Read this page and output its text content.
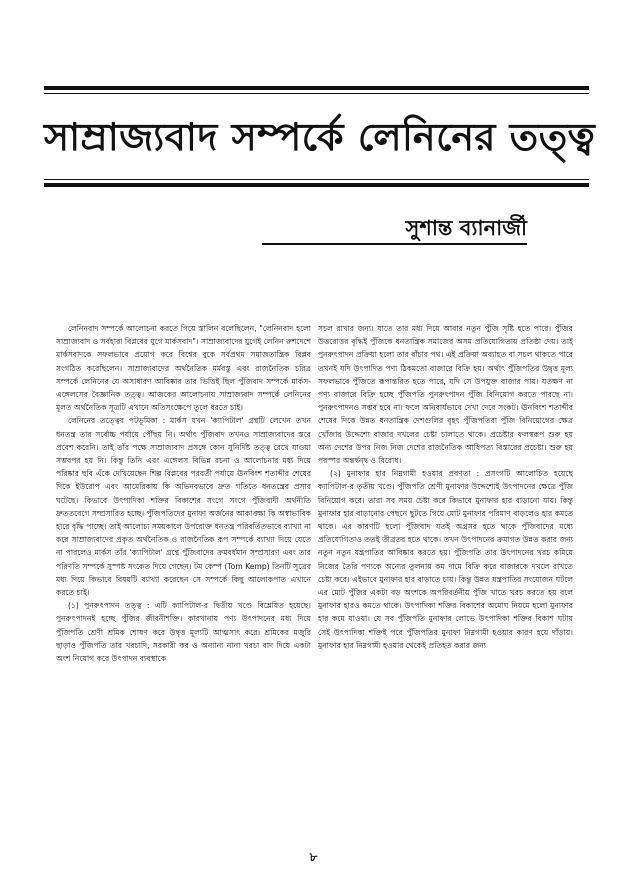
সাম্রাজ্যবাদ সম্পর্কে লেনিনের তত্ত্ব
সুশান্ত ব্যানার্জী

লেনিনবাদ সম্পর্কে আলোচনা করতে গিয়ে স্তালিন বলেছিলেন, "লেনিনবাদ হলো সাম্রাজ্যবাদ ও সর্বহারা বিপ্লবের যুগে মার্কসবাদ"। সাম্রাজ্যবাদের যুগেই লেনিন রুশদেশে মার্কসবাদকে সফলভাবে প্রয়োগ করে বিশ্বের বুকে সর্বপ্রথম সমাজতান্ত্রিক বিপ্লব সংগঠিত করেছিলেন। সাম্রাজ্যবাদের অর্থনৈতিক মর্মবস্তু এবং রাজনৈতিক চরিত্র সম্পর্কে লেনিনের যে অসাধারণ আবিষ্কার তার ভিত্তিই ছিল পুঁজিবাদ সম্পর্কে মার্কস-এঙ্গেলসের বৈজ্ঞানিক তত্ত্ব। আজকের আলোচনায় সাম্রাজ্যবাদ সম্পর্কে লেনিনের মূলত অর্থনৈতিক সূত্রটি এখানে অতিসংক্ষেপে তুলে ধরতে চাই।

লেনিনের তত্ত্বের পটভূমিকা : মার্কস যখন 'ক্যাপিটাল' গ্রন্থটি লেখেন তখন ধনতন্ত্র তার সর্বোচ্চ পর্যায়ে পৌঁছয় নি। অর্থাৎ পুঁজিবাদ তখনও সাম্রাজ্যবাদের স্তরে প্রবেশ করেনি। তাই তাঁর পক্ষে সাম্রাজ্যবাদ প্রসঙ্গে কোন সুনির্দিষ্ট তত্ত্ব রেখে যাওয়া সম্ভবপর হয় নি। কিন্তু তিনি এবং এঙ্গেলস বিভিন্ন রচনা ও আলোচনার মধ্য দিয়ে পরিষ্কার ছবি এঁকে দেখিয়েছেন শিল্প বিপ্লবের পরবর্তী পর্যায়ে ঊনবিংশ শতাব্দীর শেষের দিকে ইউরোপ এবং আমেরিকায় কি অভিনবভাবে দ্রুত গতিতে ধনতন্ত্রের প্রসার ঘটেছে। কিভাবে উৎপাদিকা শক্তির বিকাশের সংগে সংগে পুঁজিবাদী অর্থনীতি দ্রুততবেগে সম্প্রসারিত হচ্ছে। পুঁজিপতিদের মুনাফা অর্জনের আকাঙ্ক্ষা কি অস্বাভাবিক হারে বৃদ্ধি পাচ্ছে। তাই আলোচ্য সময়কালে উপরোক্ত ধনতন্ত্র পরিবর্তিতভাবে ব্যাখ্যা না করে সাম্রাজ্যবাদের প্রকৃত অর্থনৈতিক ও রাজনৈতিক রূপ সম্পর্কে ব্যাখ্যা দিয়ে যেতে না পারলেও মার্কস তাঁর 'ক্যাপিটাল' গ্রন্থে পুঁজিবাদের ক্রমবর্ধমান সম্প্রসারণ এবং তার পরিণতি সম্পর্কে সুস্পষ্ট সংকেত দিয়ে গেছেন। টম কেম্প (Tom Kemp) তিনটি সূত্রের মধ্য দিয়ে কিভাবে বিষয়টি ব্যাখ্যা করেছেন সে সম্পর্কে কিছু আলোকপাত এখানে করতে চাই।

(১) পুনরুৎপাদন তত্ত্ব : এটি ক্যাপিটাল-র দ্বিতীয় খণ্ডে বিশ্লেষিত হয়েছে। পুনরুৎপাদনই হচ্ছে পুঁজির জীবনীশক্তি। কারখানায় পণ্য উৎপাদনের মধ্য দিয়ে পুঁজিপতি শ্রেণী শ্রমিক শোষণ করে উদ্বৃত্ত মূল্যটি আত্মসাৎ করে। শ্রমিকের মজুরি ছাড়াও পুঁজিপতি তার খরচাদি, সরকারী কর ও অন্যান্য নানা খরচা বাদ দিয়ে একটা অংশ নিয়োগ করে উৎপাদন ব্যবস্থাকে

সচল রাখার জন্য। যাতে তার মধ্য দিয়ে আবার নতুন পুঁজি সৃষ্টি হতে পারে। পুঁজির উত্তরোত্তর বৃদ্ধিই পুঁজিকে ধনতান্ত্রিক সমাজের অসম প্রতিযোগিতায় প্রতিষ্ঠা দেয়। তাই পুনরুৎপাদন প্রক্রিয়া হলো তার বাঁচার পথ। এই প্রক্রিয়া অব্যাহত বা সচল থাকতে পারে তখনই যদি উৎপাদিত পণ্য ঠিকমতো বাজারে বিক্রি হয়। অর্থাৎ পুঁজিপতির উদ্বৃত্ত মূল্য সফলভাবে পুঁজিতে রূপান্তরিত হতে পারে, যদি সে উপযুক্ত বাজার পায়। যতক্ষণ না পণ্য বাজারে বিক্রি হচ্ছে পুঁজিপতি পুনরুৎপাদন পুঁজি বিনিয়োগ করতে পারছে না। পুনরুৎপাদনও সম্ভব হবে না। ফলে অনিবার্যভাবে দেখা দেবে সংকট। ঊনবিংশ শতাব্দীর শেষের দিকে উন্নত ধনতান্ত্রিক দেশগুলির বৃহৎ পুঁজিপতিরা পুঁজি বিনিয়োগের ক্ষেত্র খোঁজার উদ্দেশ্যে বাজার দখলের চেষ্টা চালাতে থাকে। প্রচেষ্টার ফলস্বরূপ শুরু হয় অন্য দেশের উপর নিজ নিজ দেশের রাজনৈতিক আধিপত্য বিস্তারের প্রচেষ্টা। শুরু হয় পরস্পর অন্তর্দ্বন্দ্ব ও বিরোধ।

(২) মুনাফার হার নিম্নগামী হওয়ার প্রবণতা : প্রসংগটি আলোচিত হয়েছে ক্যাপিটাল-র তৃতীয় খণ্ডে। পুঁজিপতি শ্রেণী মুনাফার উদ্দেশ্যেই উৎপাদনের ক্ষেত্রে পুঁজি বিনিয়োগ করে। তারা সব সময় চেষ্টা করে কিভাবে মুনাফার হার বাড়ানো যায়। কিন্তু মুনাফার হার বাড়ানোর পেছনে ছুটতে গিয়ে মোট মুনাফার পরিমাণ বাড়লেও হার কমতে থাকে। এর কারণটি হলো পুঁজিবাদ যতই অগ্রসর হতে থাকে পুঁজিবাদের মধ্যে প্রতিযোগিতাও ততই তীব্রতর হতে থাকে। তখন উৎপাদনের ক্রমাগত উন্নত করার জন্য নতুন নতুন যন্ত্রপাতির আবিষ্কার করতে হয়। পুঁজিপতি তার উৎপাদনের খরচ কমিয়ে নিজের তৈরি পণ্যকে অন্যের তুলনায় কম দামে বিক্রি করে বাজারকে দখলে রাখতে চেষ্টা করে। এইভাবে মুনাফার হার বাড়াতে চায়। কিন্তু উন্নত যন্ত্রপাতির সংযোজন ঘটলে এর মোট পুঁজির একটা বড় অংশকে অপরিবর্তনীয় পুঁজি খাতে খরচ করতে হয় বলে মুনাফার হারও কমতে থাকে। উৎপাদিকা শক্তির বিকাশের অমোঘ নিয়মে হলো মুনাফার হার কমে যাওয়া। যে সব পুঁজিপতি মুনাফার লোভে উৎপাদিকা শক্তির বিকাশ ঘটায় সেই উৎপাদিকা শক্তিই পরে পুঁজিপতির মুনাফা নিম্নগামী হওয়ার কারণ হয়ে দাঁড়ায়। মুনাফার হার নিম্নগামী হওয়ার থেকেই প্রতিহত করার জন্য

৮
